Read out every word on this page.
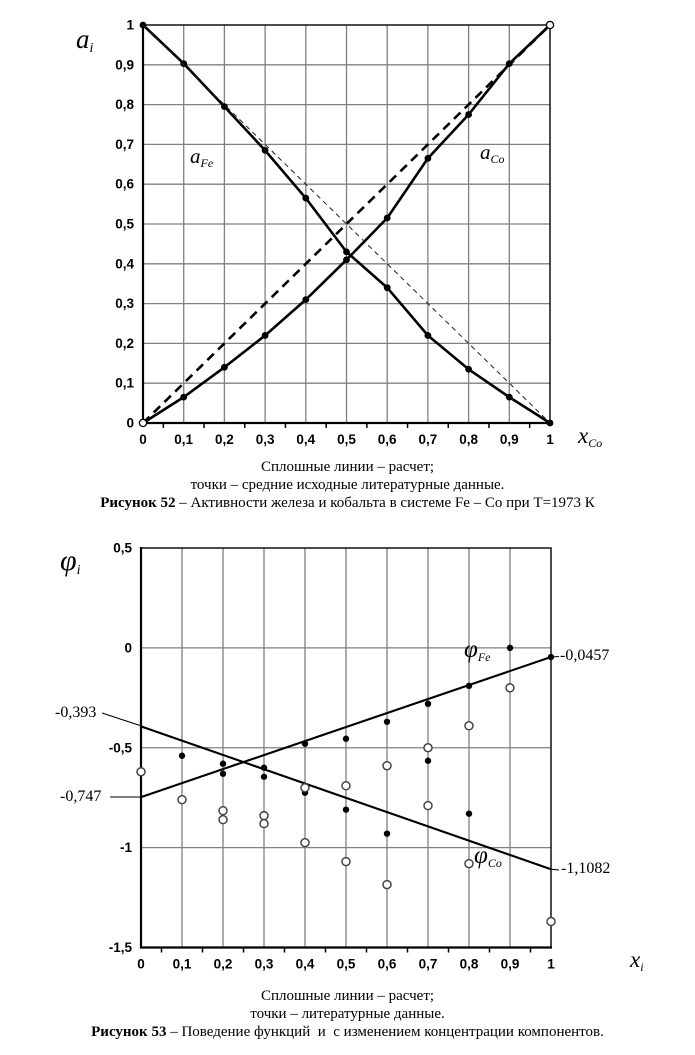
1
0,9
0,8
0,7
0,6
0,5
0,4
0,3
0,2
0,1
0
0 0,1 0,2 0,3 0,4 0,5 0,6 0,7 0,8 0,9 1
0,5
0
-0,5
-1
-1,5
0 0,1 0,2 0,3 0,4 0,5 0,6 0,7 0,8 0,9 1
$a_i$
$a_{Fe}$	$a_{Co}$
$x_{Co}$
Сплошные линии – расчет;
точки – средние исходные литературные данные.
Рисунок 52 – Активности железа и кобальта в системе Fe – Co при T=1973 К
$\varphi_i$
-0,393
-0,747
-0,0457
-1,1082
$\varphi_{Fe}$
$\varphi_{Co}$
$x_i$
Сплошные линии – расчет;
точки – литературные данные.
Рисунок 53 – Поведение функций  и  с изменением концентрации компонентов.
